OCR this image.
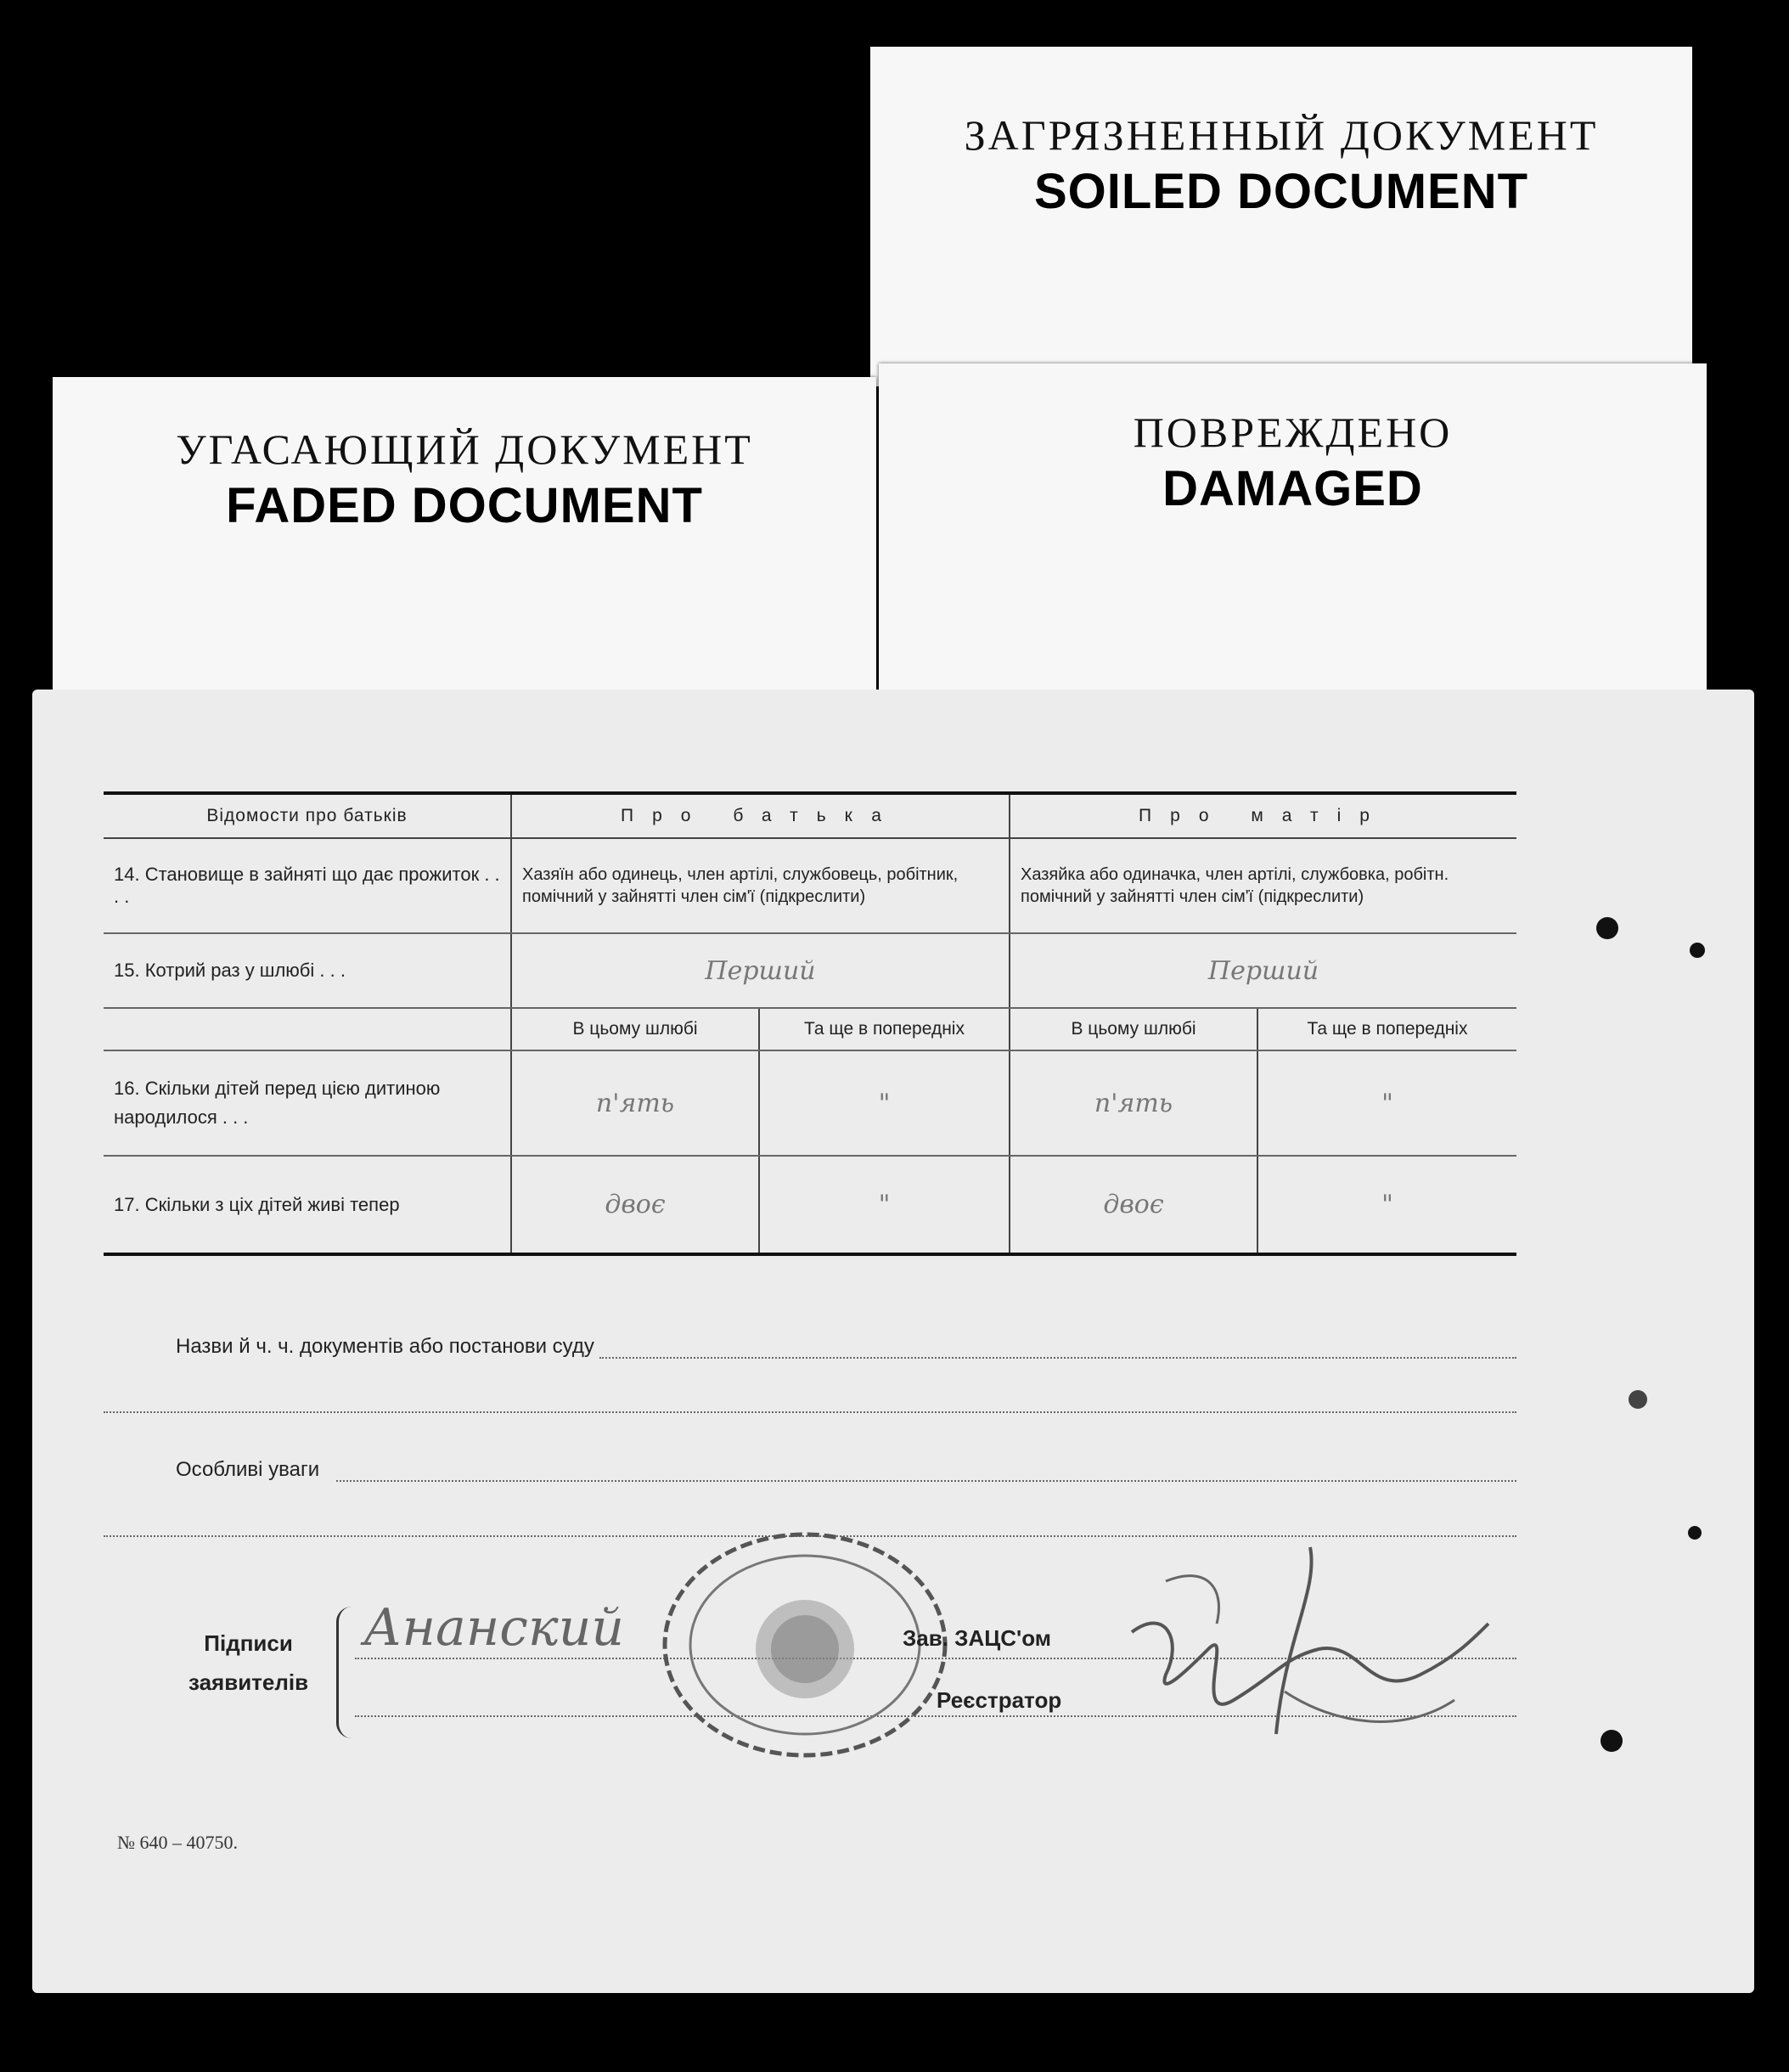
ЗАГРЯЗНЕННЫЙ ДОКУМЕНТ
SOILED DOCUMENT
УГАСАЮЩИЙ ДОКУМЕНТ
FADED DOCUMENT
ПОВРЕЖДЕНО
DAMAGED
Відомости про батьків	Про батька		Про матір	
14. Становище в зайняті що дає прожиток . . . .	Хазяїн або одинець, член артілі, службовець, робітник, помічний у зайнятті член сім'ї (підкреслити)		Хазяйка або одиначка, член артілі, службовка, робітн. помічний у зайнятті член сім'ї (підкреслити)	
15. Котрий раз у шлюбі . . .	Перший		Перший	
	В цьому шлюбі	Та ще в попередніх	В цьому шлюбі	Та ще в попередніх
16. Скільки дітей перед цією дитиною народилося . . .	п'ять	"	п'ять	"
17. Скільки з ціх дітей живі тепер	двоє	"	двоє	"
Назви й ч. ч. документів або постанови суду
Особливі уваги
Підписи
заявителів
Ананский	Зав. ЗАЦС'ом
Реєстратор
№ 640 – 40750.
